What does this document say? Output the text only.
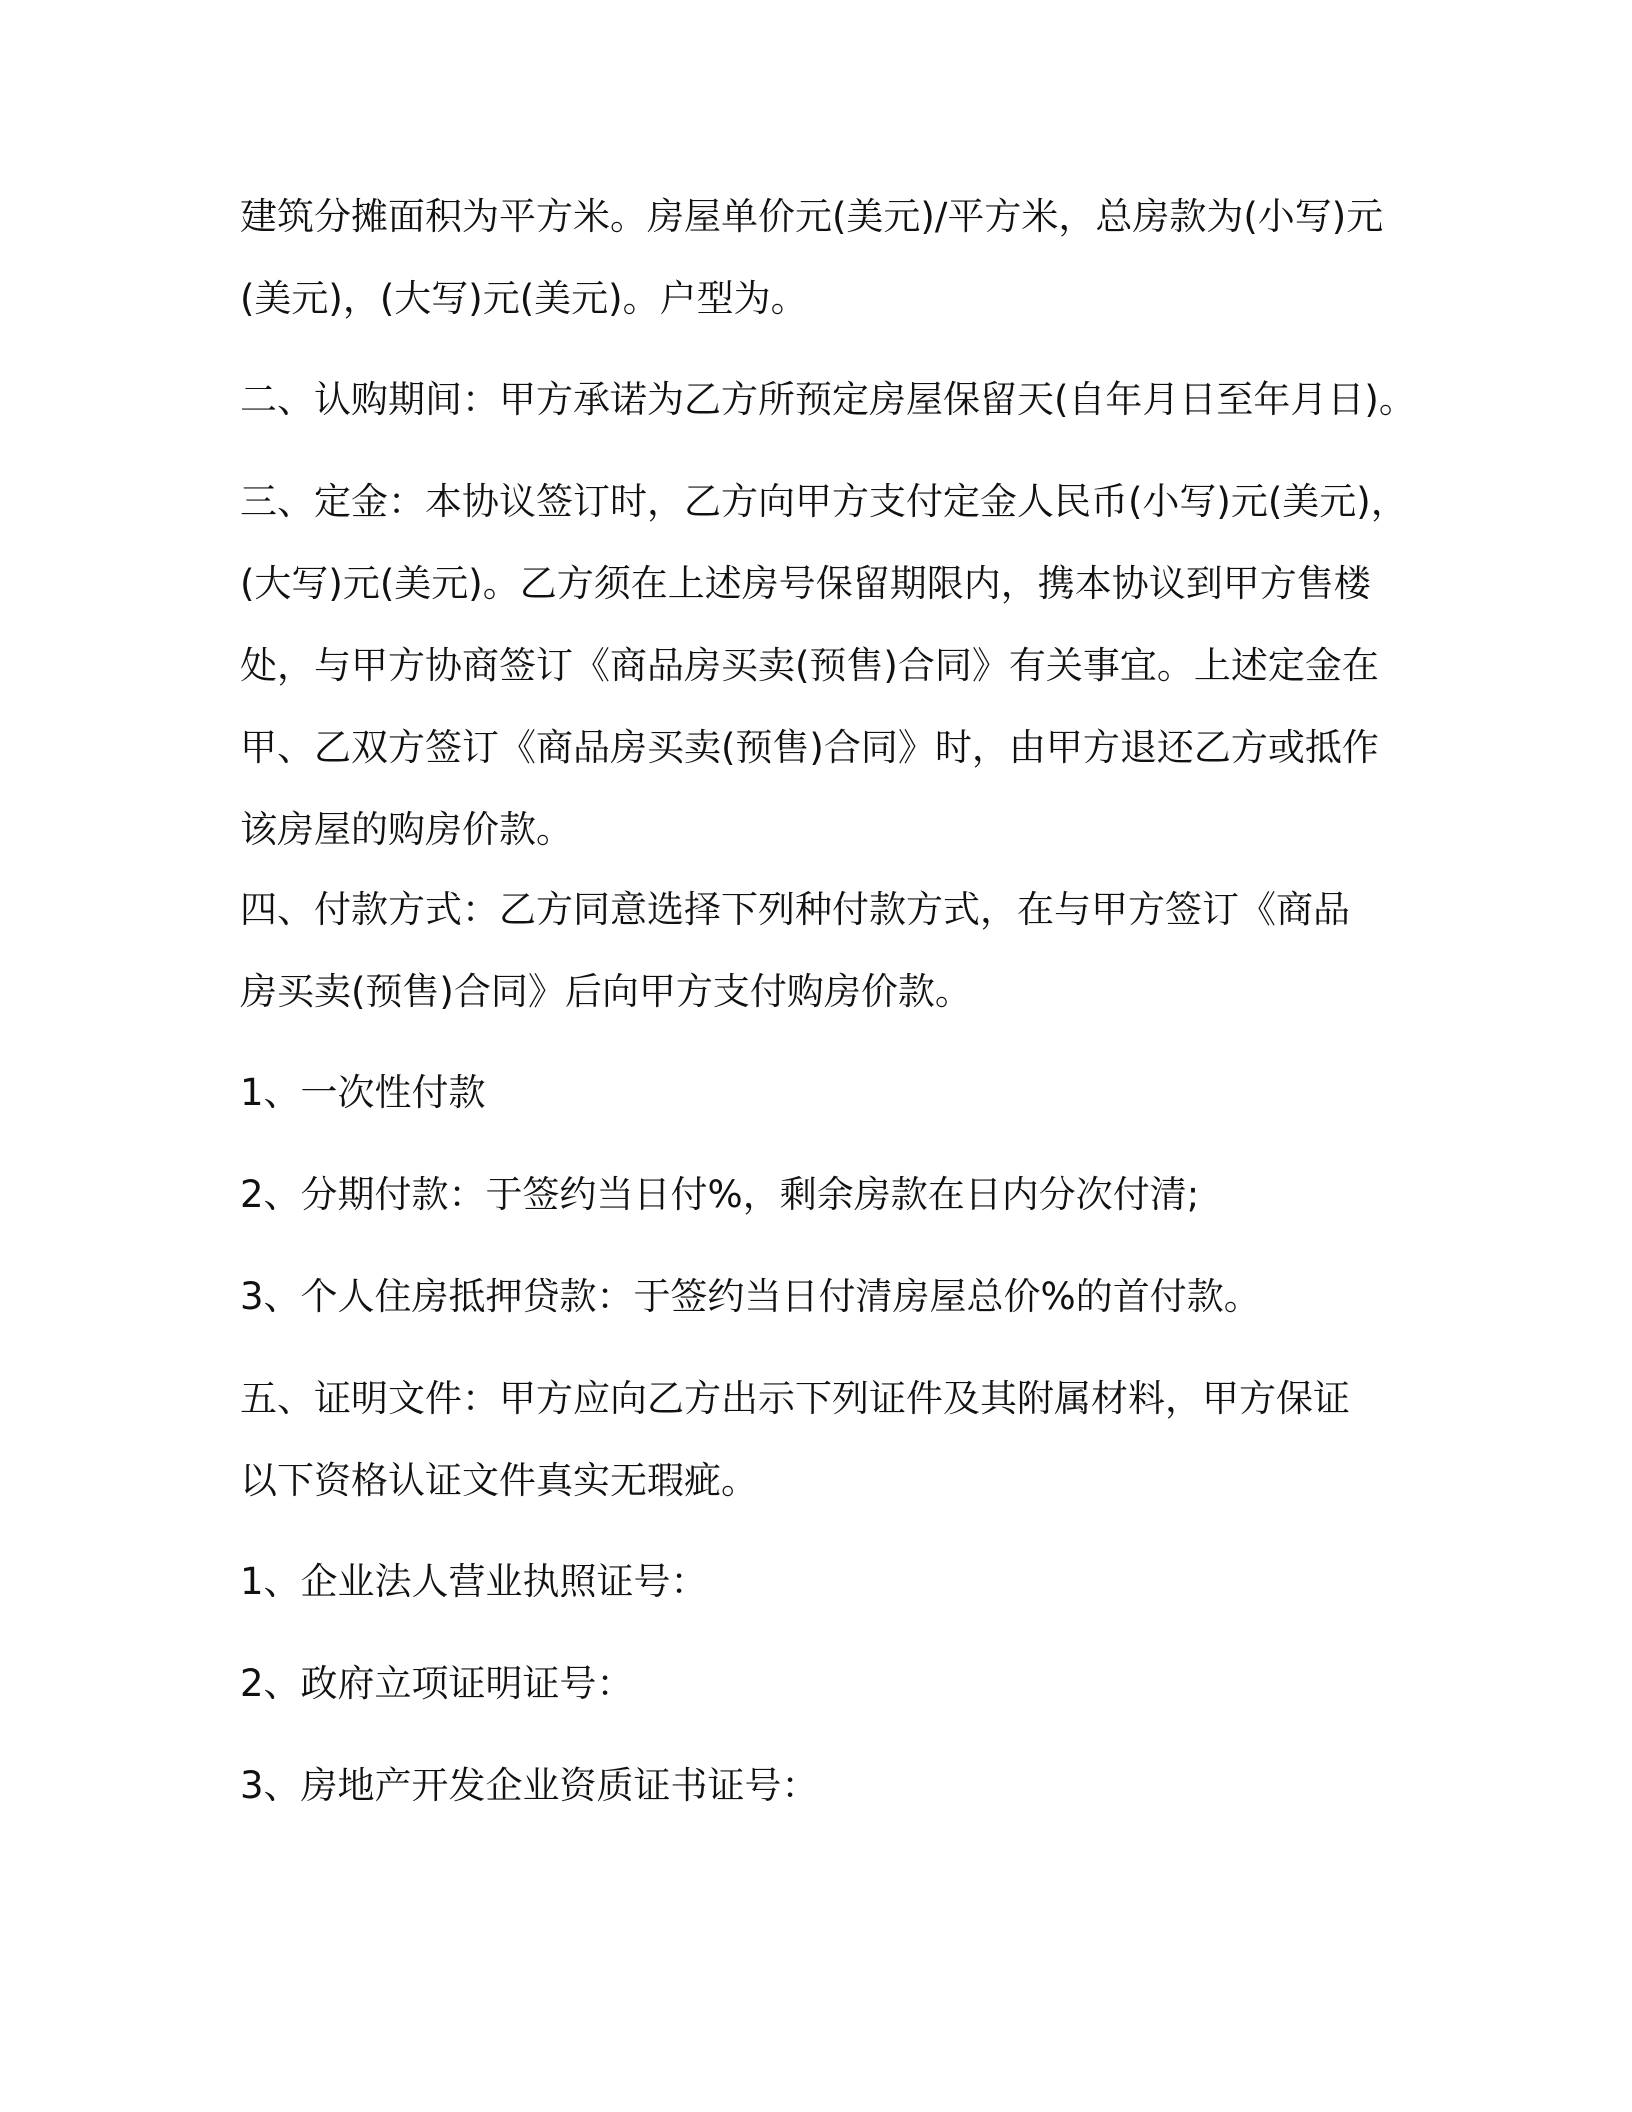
建筑分摊面积为平方米。房屋单价元(美元)/平方米，总房款为(小写)元
(美元)，(大写)元(美元)。户型为。

二、认购期间：甲方承诺为乙方所预定房屋保留天(自年月日至年月日)。

三、定金：本协议签订时，乙方向甲方支付定金人民币(小写)元(美元)，
(大写)元(美元)。乙方须在上述房号保留期限内，携本协议到甲方售楼
处，与甲方协商签订《商品房买卖(预售)合同》有关事宜。上述定金在
甲、乙双方签订《商品房买卖(预售)合同》时，由甲方退还乙方或抵作
该房屋的购房价款。

四、付款方式：乙方同意选择下列种付款方式，在与甲方签订《商品
房买卖(预售)合同》后向甲方支付购房价款。

1、一次性付款

2、分期付款：于签约当日付%，剩余房款在日内分次付清;

3、个人住房抵押贷款：于签约当日付清房屋总价%的首付款。

五、证明文件：甲方应向乙方出示下列证件及其附属材料，甲方保证
以下资格认证文件真实无瑕疵。

1、企业法人营业执照证号：

2、政府立项证明证号：

3、房地产开发企业资质证书证号：
